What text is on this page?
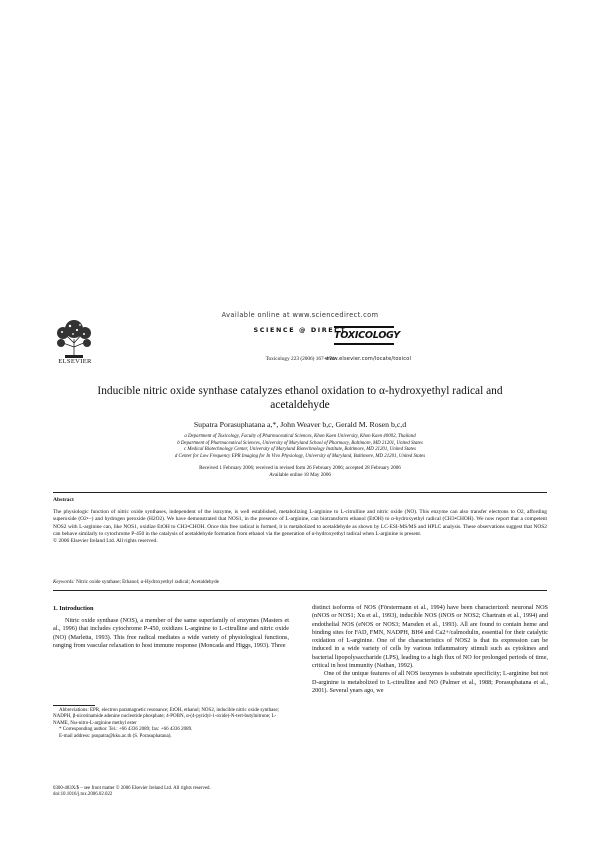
ELSEVIER
Available online at www.sciencedirect.com
SCIENCE @ DIRECT
Toxicology 223 (2006) 167–174
TOXICOLOGY
www.elsevier.com/locate/toxicol
Inducible nitric oxide synthase catalyzes ethanol oxidation to α-hydroxyethyl radical and acetaldehyde
Supatra Porasuphatana a,*, John Weaver b,c, Gerald M. Rosen b,c,d
a Department of Toxicology, Faculty of Pharmaceutical Sciences, Khon Kaen University, Khon Kaen 40002, Thailand
b Department of Pharmaceutical Sciences, University of Maryland School of Pharmacy, Baltimore, MD 21201, United States
c Medical Biotechnology Center, University of Maryland Biotechnology Institute, Baltimore, MD 21201, United States
d Center for Low Frequency EPR Imaging for In Vivo Physiology, University of Maryland, Baltimore, MD 21201, United States
Received 1 February 2006; received in revised form 26 February 2006; accepted 28 February 2006
Available online 18 May 2006
Abstract
The physiologic function of nitric oxide synthases, independent of the isozyme, is well established, metabolizing L-arginine to L-citrulline and nitric oxide (NO). This enzyme can also transfer electrons to O2, affording superoxide (O2•−) and hydrogen peroxide (H2O2). We have demonstrated that NOS1, in the presence of L-arginine, can biotransform ethanol (EtOH) to α-hydroxyethyl radical (CH3•CHOH). We now report that a competent NOS2 with L-arginine can, like NOS1, oxidize EtOH to CH3•CHOH. Once this free radical is formed, it is metabolized to acetaldehyde as shown by LC-ESI-MS/MS and HPLC analysis. These observations suggest that NOS2 can behave similarly to cytochrome P-450 in the catalysis of acetaldehyde formation from ethanol via the generation of α-hydroxyethyl radical when L-arginine is present.
© 2006 Elsevier Ireland Ltd. All rights reserved.
Keywords: Nitric oxide synthase; Ethanol; α-Hydroxyethyl radical; Acetaldehyde
1. Introduction
Nitric oxide synthase (NOS), a member of the same superfamily of enzymes (Masters et al., 1996) that includes cytochrome P-450, oxidizes L-arginine to L-citrulline and nitric oxide (NO) (Marletta, 1993). This free radical mediates a wide variety of physiological functions, ranging from vascular relaxation to host immune response (Moncada and Higgs, 1993). Three

distinct isoforms of NOS (Förstermann et al., 1994) have been characterized: neuronal NOS (nNOS or NOS1; Xu et al., 1993), inducible NOS (iNOS or NOS2; Chartrain et al., 1994) and endothelial NOS (eNOS or NOS3; Marsden et al., 1993). All are found to contain heme and binding sites for FAD, FMN, NADPH, BH4 and Ca2+/calmodulin, essential for their catalytic oxidation of L-arginine. One of the characteristics of NOS2 is that its expression can be induced in a wide variety of cells by various inflammatory stimuli such as cytokines and bacterial lipopolysaccharide (LPS), leading to a high flux of NO for prolonged periods of time, critical in host immunity (Nathan, 1992).

One of the unique features of all NOS isozymes is substrate specificity; L-arginine but not D-arginine is metabolized to L-citrulline and NO (Palmer et al., 1988; Porasuphatana et al., 2001). Several years ago, we

Abbreviations: EPR, electron paramagnetic resonance; EtOH, ethanol; NOS2, inducible nitric oxide synthase; NADPH, β-nicotinamide adenine nucleotide phosphate; 4-POBN, α-(4-pyridyl-1-oxide)-N-tert-butylnitrone; L-NAME, Nω-nitro-L-arginine methyl ester

* Corresponding author. Tel.: +66 4336 2089; fax: +66 4336 2089.

E-mail address: psupatra@kku.ac.th (S. Porasuphatana).

0300-483X/$ – see front matter © 2006 Elsevier Ireland Ltd. All rights reserved.
doi:10.1016/j.tox.2006.02.022
